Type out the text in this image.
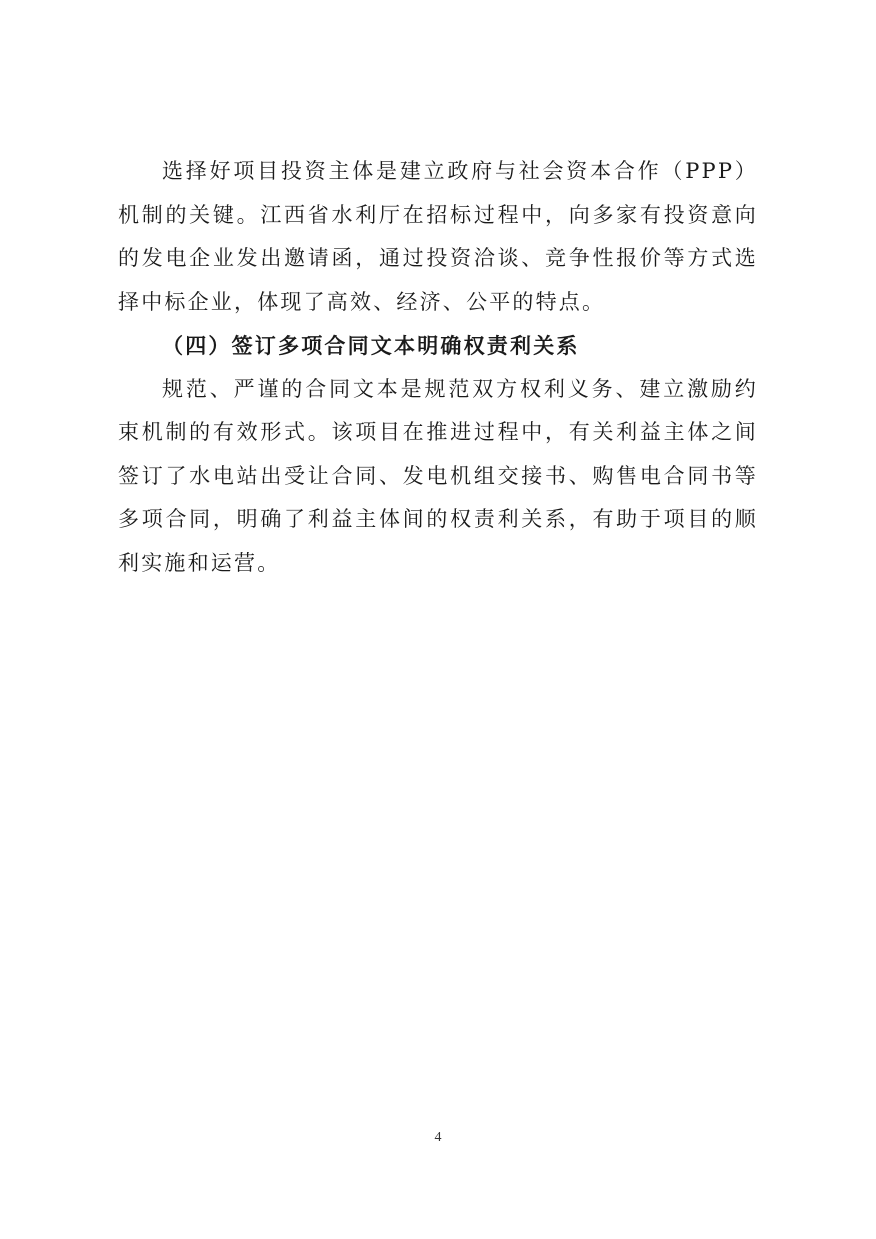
选择好项目投资主体是建立政府与社会资本合作（PPP）机制的关键。江西省水利厅在招标过程中，向多家有投资意向的发电企业发出邀请函，通过投资洽谈、竞争性报价等方式选择中标企业，体现了高效、经济、公平的特点。

（四）签订多项合同文本明确权责利关系

规范、严谨的合同文本是规范双方权利义务、建立激励约束机制的有效形式。该项目在推进过程中，有关利益主体之间签订了水电站出受让合同、发电机组交接书、购售电合同书等多项合同，明确了利益主体间的权责利关系，有助于项目的顺利实施和运营。

4
